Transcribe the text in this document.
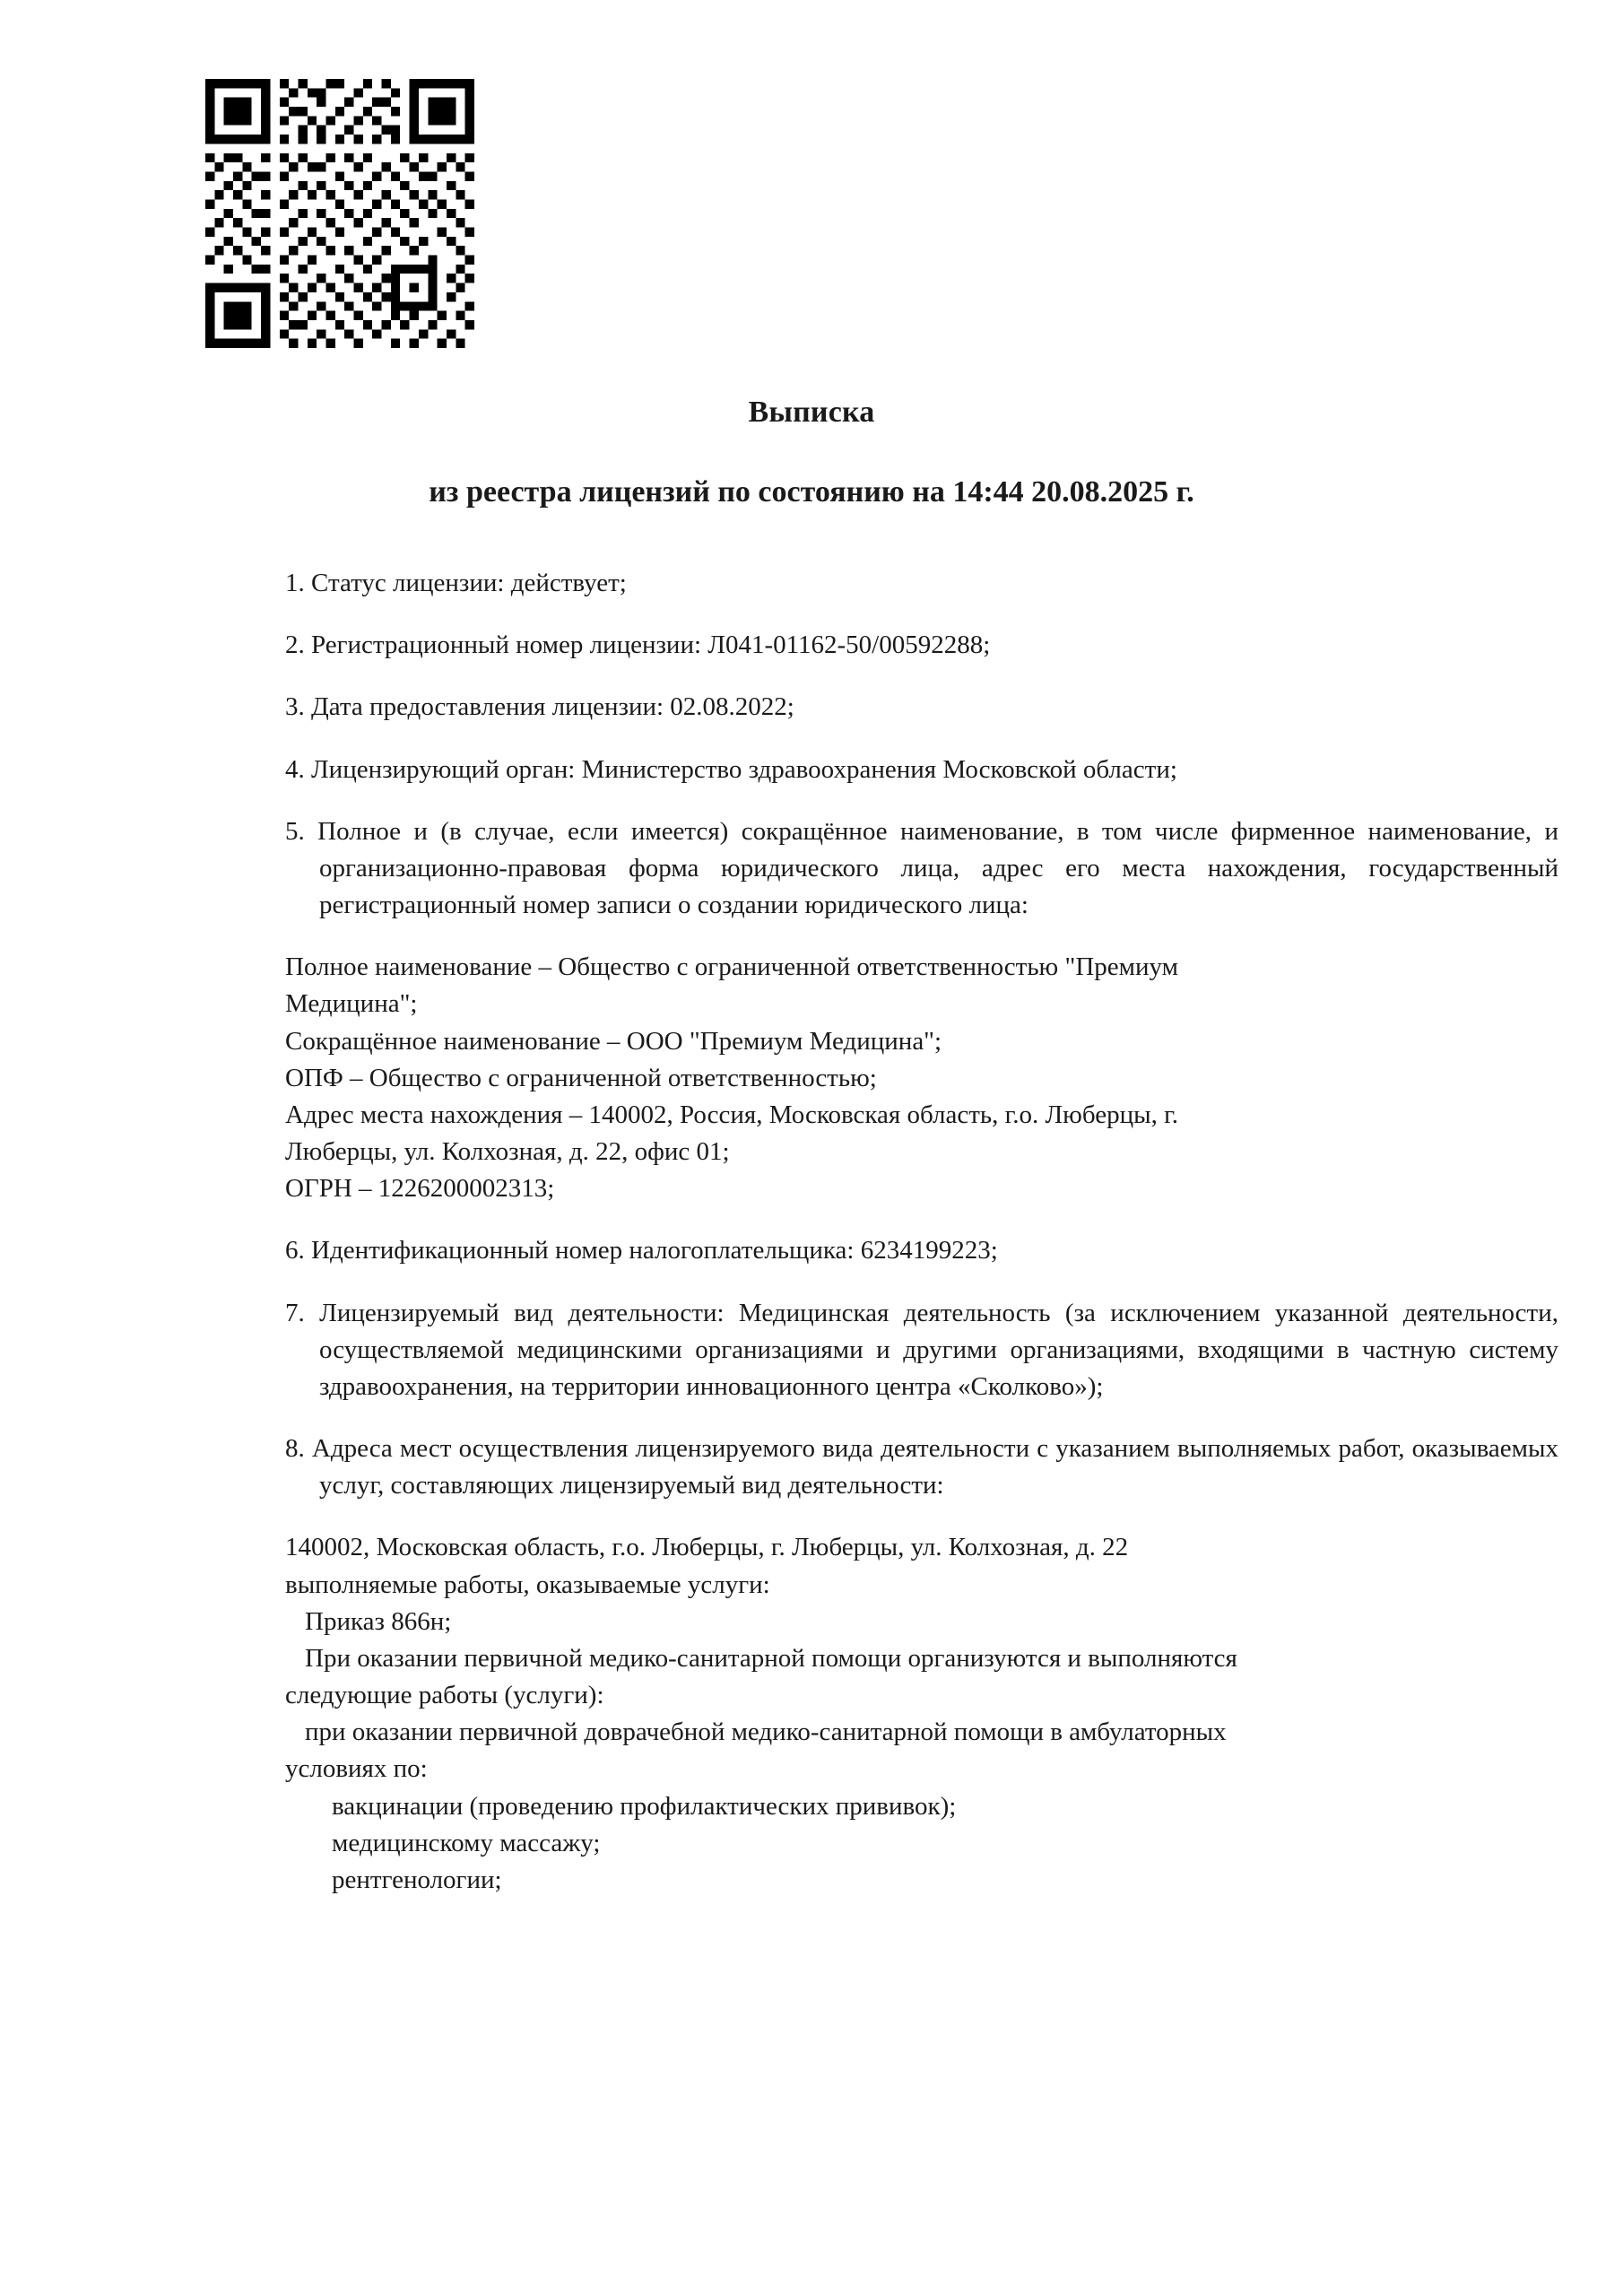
Выписка
из реестра лицензий по состоянию на 14:44 20.08.2025 г.

1. Статус лицензии: действует;

2. Регистрационный номер лицензии: Л041-01162-50/00592288;

3. Дата предоставления лицензии: 02.08.2022;

4. Лицензирующий орган: Министерство здравоохранения Московской области;

5. Полное и (в случае, если имеется) сокращённое наименование, в том числе фирменное наименование, и организационно-правовая форма юридического лица, адрес его места нахождения, государственный регистрационный номер записи о создании юридического лица:

Полное наименование – Общество с ограниченной ответственностью "Премиум
Медицина";
Сокращённое наименование – ООО "Премиум Медицина";
ОПФ – Общество с ограниченной ответственностью;
Адрес места нахождения – 140002, Россия, Московская область, г.о. Люберцы, г.
Люберцы, ул. Колхозная, д. 22, офис 01;
ОГРН – 1226200002313;

6. Идентификационный номер налогоплательщика: 6234199223;

7. Лицензируемый вид деятельности: Медицинская деятельность (за исключением указанной деятельности, осуществляемой медицинскими организациями и другими организациями, входящими в частную систему здравоохранения, на территории инновационного центра «Сколково»);

8. Адреса мест осуществления лицензируемого вида деятельности с указанием выполняемых работ, оказываемых услуг, составляющих лицензируемый вид деятельности:

140002, Московская область, г.о. Люберцы, г. Люберцы, ул. Колхозная, д. 22
выполняемые работы, оказываемые услуги:
Приказ 866н;
При оказании первичной медико-санитарной помощи организуются и выполняются
следующие работы (услуги):
при оказании первичной доврачебной медико-санитарной помощи в амбулаторных
условиях по:
вакцинации (проведению профилактических прививок);
медицинскому массажу;
рентгенологии;
